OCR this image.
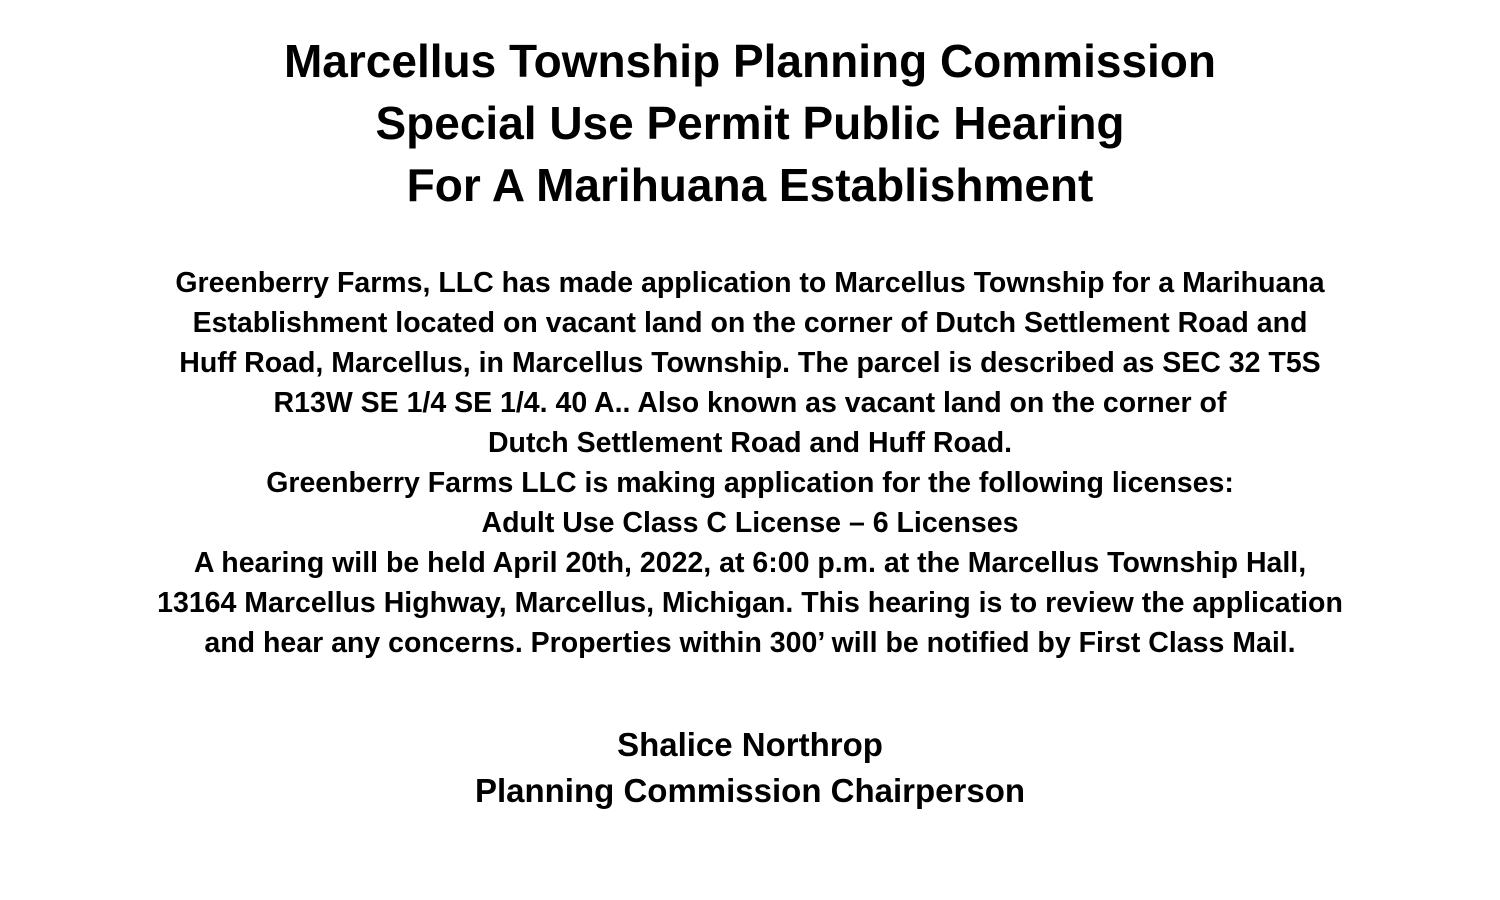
Marcellus Township Planning Commission
Special Use Permit Public Hearing
For A Marihuana Establishment
Greenberry Farms, LLC has made application to Marcellus Township for a Marihuana
Establishment located on vacant land on the corner of Dutch Settlement Road and
Huff Road, Marcellus, in Marcellus Township. The parcel is described as SEC 32 T5S
R13W SE 1/4 SE 1/4. 40 A.. Also known as vacant land on the corner of
Dutch Settlement Road and Huff Road.
Greenberry Farms LLC is making application for the following licenses:
Adult Use Class C License – 6 Licenses
A hearing will be held April 20th, 2022, at 6:00 p.m. at the Marcellus Township Hall,
13164 Marcellus Highway, Marcellus, Michigan. This hearing is to review the application
and hear any concerns. Properties within 300’ will be notified by First Class Mail.
Shalice Northrop
Planning Commission Chairperson
